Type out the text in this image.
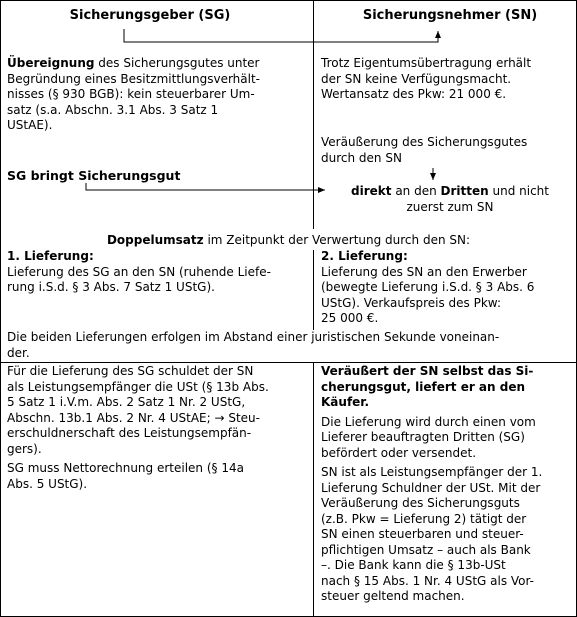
Sicherungsgeber (SG)	Sicherungsnehmer (SN)
Übereignung des Sicherungsgutes unter
Begründung eines Besitzmittlungsverhält-
nisses (§ 930 BGB): kein steuerbarer Um-
satz (s.a. Abschn. 3.1 Abs. 3 Satz 1
UStAE).
SG bringt Sicherungsgut
Trotz Eigentumsübertragung erhält
der SN keine Verfügungsmacht.
Wertansatz des Pkw: 21 000 €.
Veräußerung des Sicherungsgutes
durch den SN
direkt an den Dritten und nicht
zuerst zum SN
Doppelumsatz im Zeitpunkt der Verwertung durch den SN:
1. Lieferung:
Lieferung des SG an den SN (ruhende Liefe-
rung i.S.d. § 3 Abs. 7 Satz 1 UStG).
2. Lieferung:
Lieferung des SN an den Erwerber
(bewegte Lieferung i.S.d. § 3 Abs. 6
UStG). Verkaufspreis des Pkw:
25 000 €.
Die beiden Lieferungen erfolgen im Abstand einer juristischen Sekunde voneinan-
der.
Für die Lieferung des SG schuldet der SN
als Leistungsempfänger die USt (§ 13b Abs.
5 Satz 1 i.V.m. Abs. 2 Satz 1 Nr. 2 UStG,
Abschn. 13b.1 Abs. 2 Nr. 4 UStAE; → Steu-
erschuldnerschaft des Leistungsempfän-
gers).
SG muss Nettorechnung erteilen (§ 14a
Abs. 5 UStG).
Veräußert der SN selbst das Si-
cherungsgut, liefert er an den
Käufer.
Die Lieferung wird durch einen vom
Lieferer beauftragten Dritten (SG)
befördert oder versendet.
SN ist als Leistungsempfänger der 1.
Lieferung Schuldner der USt. Mit der
Veräußerung des Sicherungsguts
(z.B. Pkw = Lieferung 2) tätigt der
SN einen steuerbaren und steuer-
pflichtigen Umsatz – auch als Bank
–. Die Bank kann die § 13b-USt
nach § 15 Abs. 1 Nr. 4 UStG als Vor-
steuer geltend machen.
